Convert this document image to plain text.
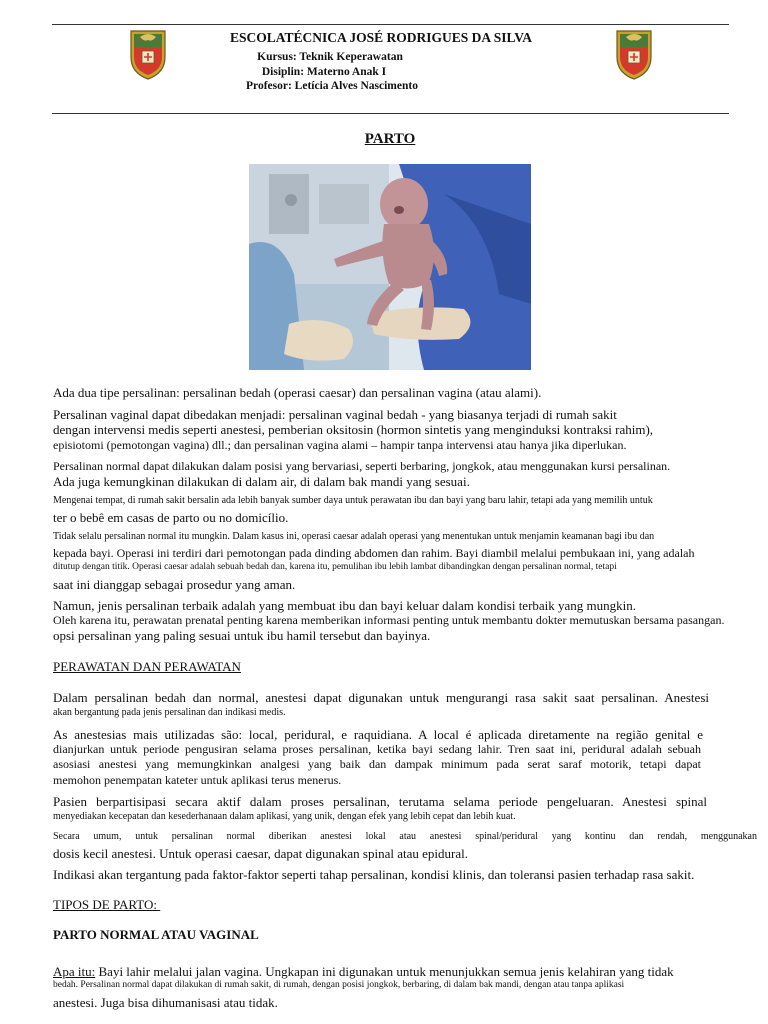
ESCOLATÉCNICA JOSÉ RODRIGUES DA SILVA
Kursus: Teknik Keperawatan
Disiplin: Materno Anak I
Profesor: Letícia Alves Nascimento
PARTO
Ada dua tipe persalinan: persalinan bedah (operasi caesar) dan persalinan vagina (atau alami).
Persalinan vaginal dapat dibedakan menjadi: persalinan vaginal bedah - yang biasanya terjadi di rumah sakit
dengan intervensi medis seperti anestesi, pemberian oksitosin (hormon sintetis yang menginduksi kontraksi rahim),
episiotomi (pemotongan vagina) dll.; dan persalinan vagina alami – hampir tanpa intervensi atau hanya jika diperlukan.
Persalinan normal dapat dilakukan dalam posisi yang bervariasi, seperti berbaring, jongkok, atau menggunakan kursi persalinan.
Ada juga kemungkinan dilakukan di dalam air, di dalam bak mandi yang sesuai.
Mengenai tempat, di rumah sakit bersalin ada lebih banyak sumber daya untuk perawatan ibu dan bayi yang baru lahir, tetapi ada yang memilih untuk
ter o bebê em casas de parto ou no domicílio.
Tidak selalu persalinan normal itu mungkin. Dalam kasus ini, operasi caesar adalah operasi yang menentukan untuk menjamin keamanan bagi ibu dan
kepada bayi. Operasi ini terdiri dari pemotongan pada dinding abdomen dan rahim. Bayi diambil melalui pembukaan ini, yang adalah
ditutup dengan titik. Operasi caesar adalah sebuah bedah dan, karena itu, pemulihan ibu lebih lambat dibandingkan dengan persalinan normal, tetapi
saat ini dianggap sebagai prosedur yang aman.
Namun, jenis persalinan terbaik adalah yang membuat ibu dan bayi keluar dalam kondisi terbaik yang mungkin.
Oleh karena itu, perawatan prenatal penting karena memberikan informasi penting untuk membantu dokter memutuskan bersama pasangan.
opsi persalinan yang paling sesuai untuk ibu hamil tersebut dan bayinya.
PERAWATAN DAN PERAWATAN
Dalam persalinan bedah dan normal, anestesi dapat digunakan untuk mengurangi rasa sakit saat persalinan. Anestesi
akan bergantung pada jenis persalinan dan indikasi medis.
As anestesias mais utilizadas são: local, peridural, e raquidiana. A local é aplicada diretamente na região genital e
dianjurkan untuk periode pengusiran selama proses persalinan, ketika bayi sedang lahir. Tren saat ini, peridural adalah sebuah
asosiasi anestesi yang memungkinkan analgesi yang baik dan dampak minimum pada serat saraf motorik, tetapi dapat
memohon penempatan kateter untuk aplikasi terus menerus.
Pasien berpartisipasi secara aktif dalam proses persalinan, terutama selama periode pengeluaran. Anestesi spinal
menyediakan kecepatan dan kesederhanaan dalam aplikasi, yang unik, dengan efek yang lebih cepat dan lebih kuat.
Secara umum, untuk persalinan normal diberikan anestesi lokal atau anestesi spinal/peridural yang kontinu dan rendah, menggunakan
dosis kecil anestesi. Untuk operasi caesar, dapat digunakan spinal atau epidural.
Indikasi akan tergantung pada faktor-faktor seperti tahap persalinan, kondisi klinis, dan toleransi pasien terhadap rasa sakit.
TIPOS DE PARTO:
PARTO NORMAL ATAU VAGINAL
Apa itu: Bayi lahir melalui jalan vagina. Ungkapan ini digunakan untuk menunjukkan semua jenis kelahiran yang tidak
bedah. Persalinan normal dapat dilakukan di rumah sakit, di rumah, dengan posisi jongkok, berbaring, di dalam bak mandi, dengan atau tanpa aplikasi
anestesi. Juga bisa dihumanisasi atau tidak.
